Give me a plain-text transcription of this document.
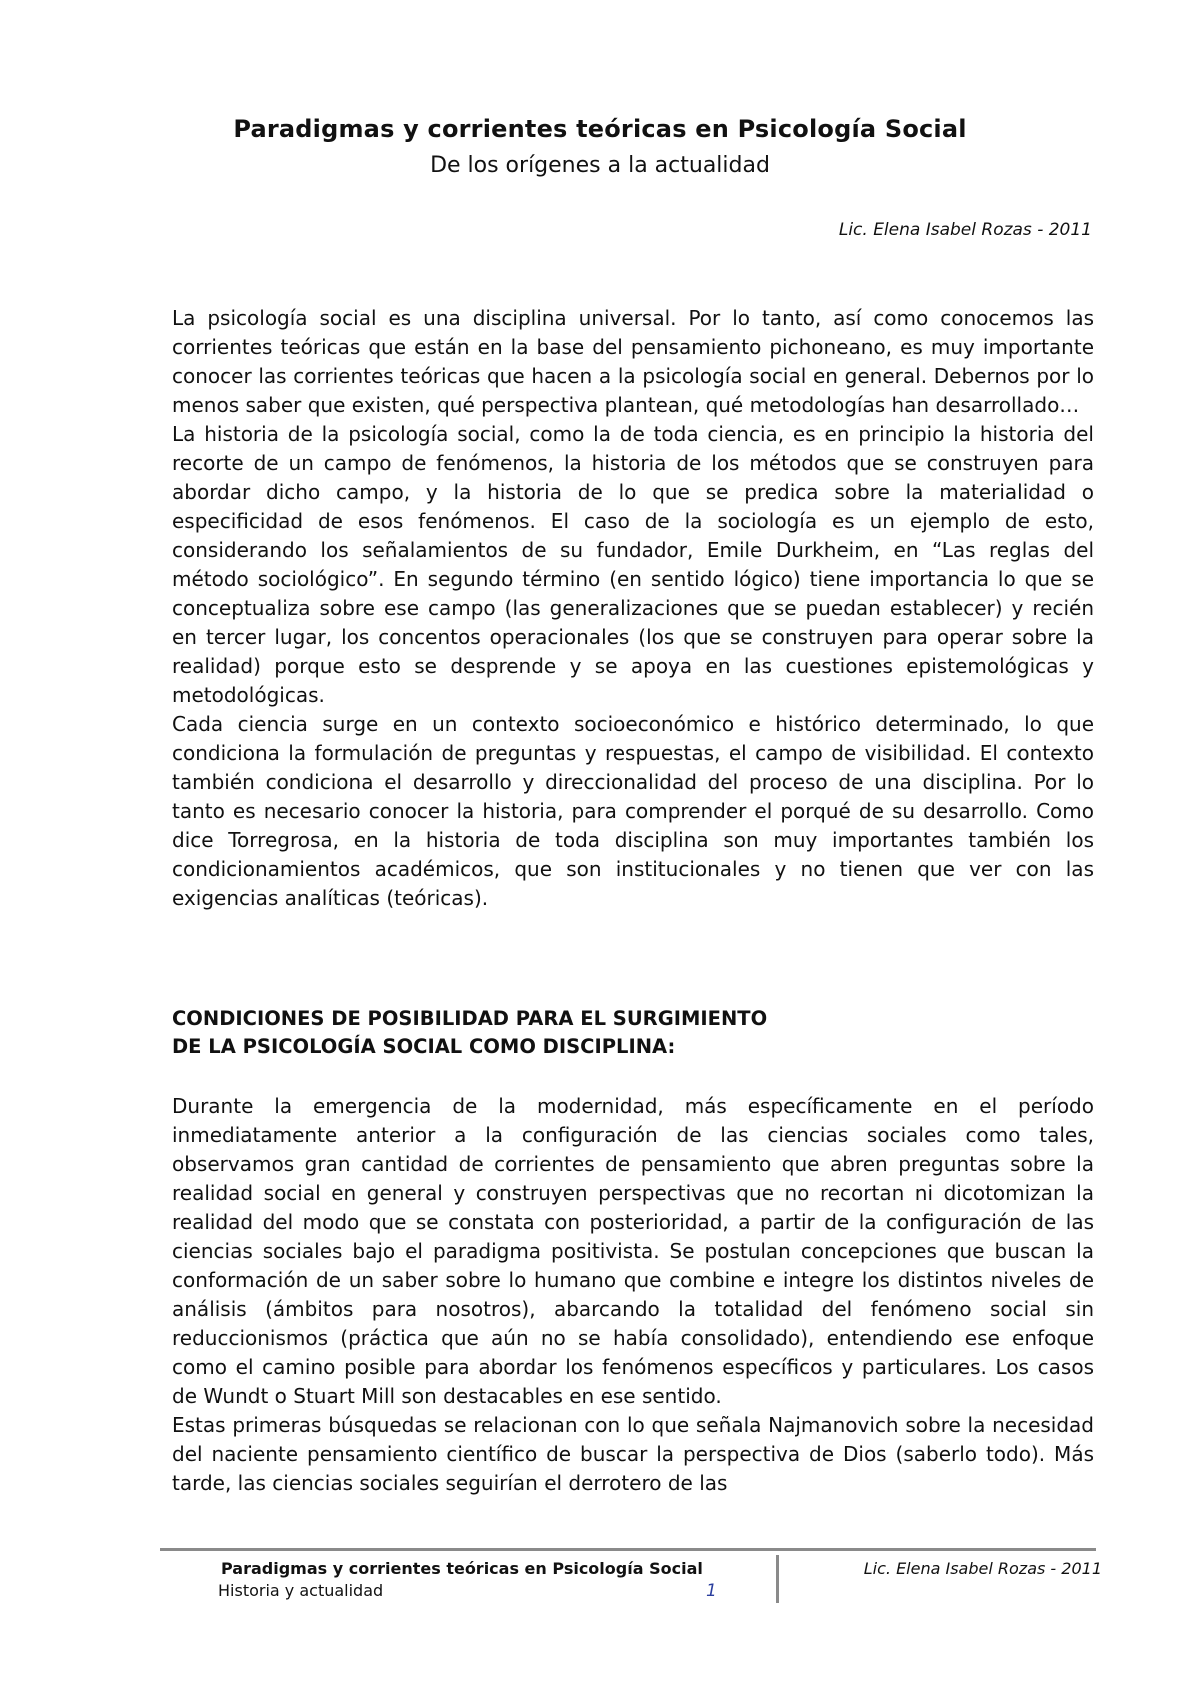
Paradigmas y corrientes teóricas en Psicología Social
De los orígenes a la actualidad
Lic. Elena Isabel Rozas - 2011

La psicología social es una disciplina universal. Por lo tanto, así como conocemos las corrientes teóricas que están en la base del pensamiento pichoneano, es muy importante conocer las corrientes teóricas que hacen a la psicología social en general. Debernos por lo menos saber que existen, qué perspectiva plantean, qué metodologías han desarrollado…

La historia de la psicología social, como la de toda ciencia, es en principio la historia del recorte de un campo de fenómenos, la historia de los métodos que se construyen para abordar dicho campo, y la historia de lo que se predica sobre la materialidad o especificidad de esos fenómenos. El caso de la sociología es un ejemplo de esto, considerando los señalamientos de su fundador, Emile Durkheim, en “Las reglas del método sociológico”. En segundo término (en sentido lógico) tiene importancia lo que se conceptualiza sobre ese campo (las generalizaciones que se puedan establecer) y recién en tercer lugar, los concentos operacionales (los que se construyen para operar sobre la realidad) porque esto se desprende y se apoya en las cuestiones epistemológicas y metodológicas.

Cada ciencia surge en un contexto socioeconómico e histórico determinado, lo que condiciona la formulación de preguntas y respuestas, el campo de visibilidad. El contexto también condiciona el desarrollo y direccionalidad del proceso de una disciplina. Por lo tanto es necesario conocer la historia, para comprender el porqué de su desarrollo. Como dice Torregrosa, en la historia de toda disciplina son muy importantes también los condicionamientos académicos, que son institucionales y no tienen que ver con las exigencias analíticas (teóricas).

CONDICIONES DE POSIBILIDAD PARA EL SURGIMIENTO
DE LA PSICOLOGÍA SOCIAL COMO DISCIPLINA:

Durante la emergencia de la modernidad, más específicamente en el período inmediatamente anterior a la configuración de las ciencias sociales como tales, observamos gran cantidad de corrientes de pensamiento que abren preguntas sobre la realidad social en general y construyen perspectivas que no recortan ni dicotomizan la realidad del modo que se constata con posterioridad, a partir de la configuración de las ciencias sociales bajo el paradigma positivista. Se postulan concepciones que buscan la conformación de un saber sobre lo humano que combine e integre los distintos niveles de análisis (ámbitos para nosotros), abarcando la totalidad del fenómeno social sin reduccionismos (práctica que aún no se había consolidado), entendiendo ese enfoque como el camino posible para abordar los fenómenos específicos y particulares. Los casos de Wundt o Stuart Mill son destacables en ese sentido.

Estas primeras búsquedas se relacionan con lo que señala Najmanovich sobre la necesidad del naciente pensamiento científico de buscar la perspectiva de Dios (saberlo todo). Más tarde, las ciencias sociales seguirían el derrotero de las

Paradigmas y corrientes teóricas en Psicología Social
Historia y actualidad	1
Lic. Elena Isabel Rozas - 2011
